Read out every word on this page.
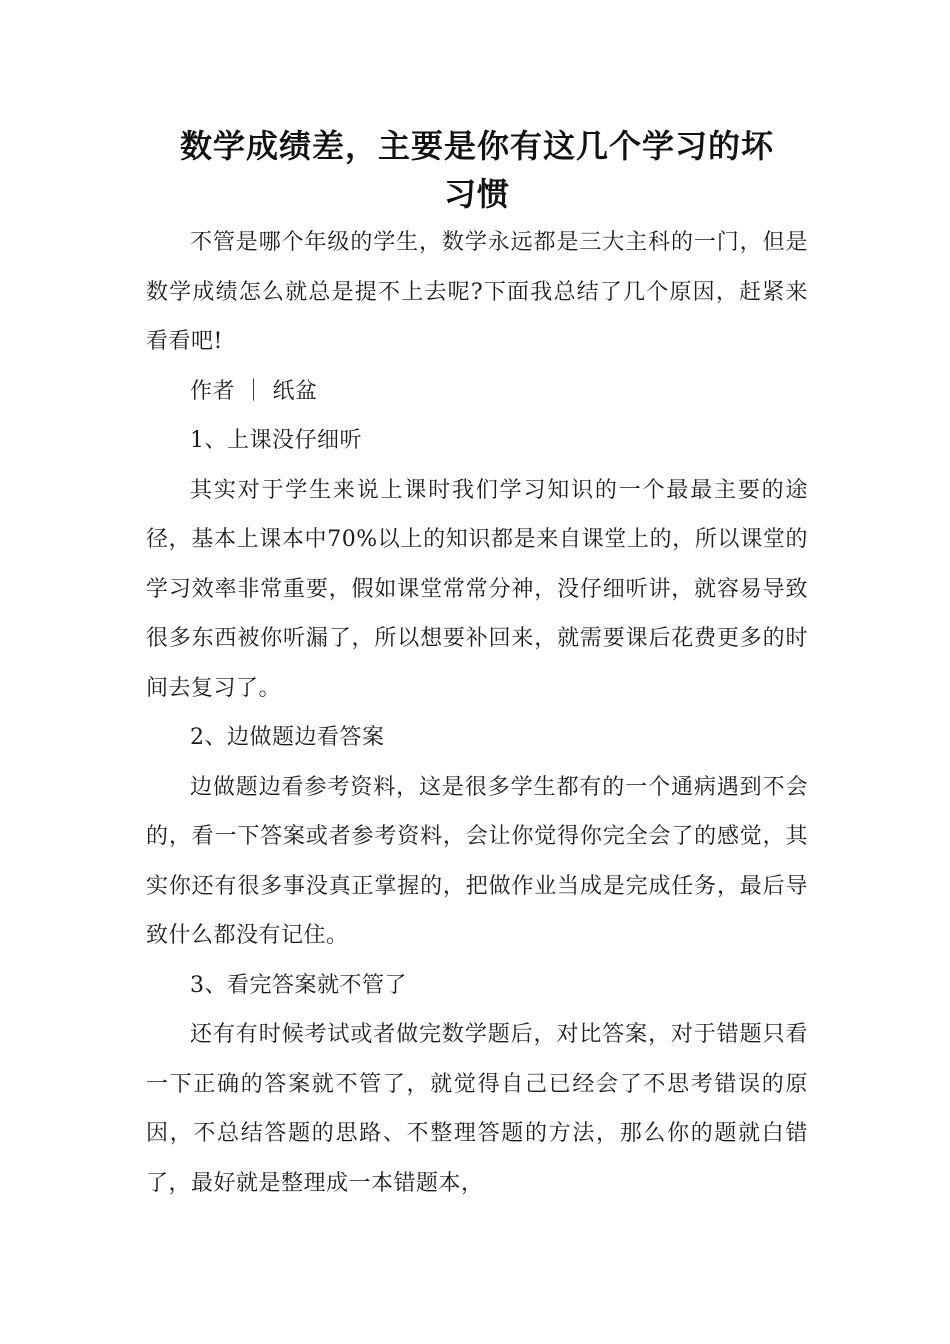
数学成绩差，主要是你有这几个学习的坏
习惯

不管是哪个年级的学生，数学永远都是三大主科的一门，但是数学成绩怎么就总是提不上去呢?下面我总结了几个原因，赶紧来看看吧!

作者 ｜ 纸盆

1、上课没仔细听

其实对于学生来说上课时我们学习知识的一个最最主要的途径，基本上课本中70%以上的知识都是来自课堂上的，所以课堂的学习效率非常重要，假如课堂常常分神，没仔细听讲，就容易导致很多东西被你听漏了，所以想要补回来，就需要课后花费更多的时间去复习了。

2、边做题边看答案

边做题边看参考资料，这是很多学生都有的一个通病遇到不会的，看一下答案或者参考资料，会让你觉得你完全会了的感觉，其实你还有很多事没真正掌握的，把做作业当成是完成任务，最后导致什么都没有记住。

3、看完答案就不管了

还有有时候考试或者做完数学题后，对比答案，对于错题只看一下正确的答案就不管了，就觉得自己已经会了不思考错误的原因，不总结答题的思路、不整理答题的方法，那么你的题就白错了，最好就是整理成一本错题本，
